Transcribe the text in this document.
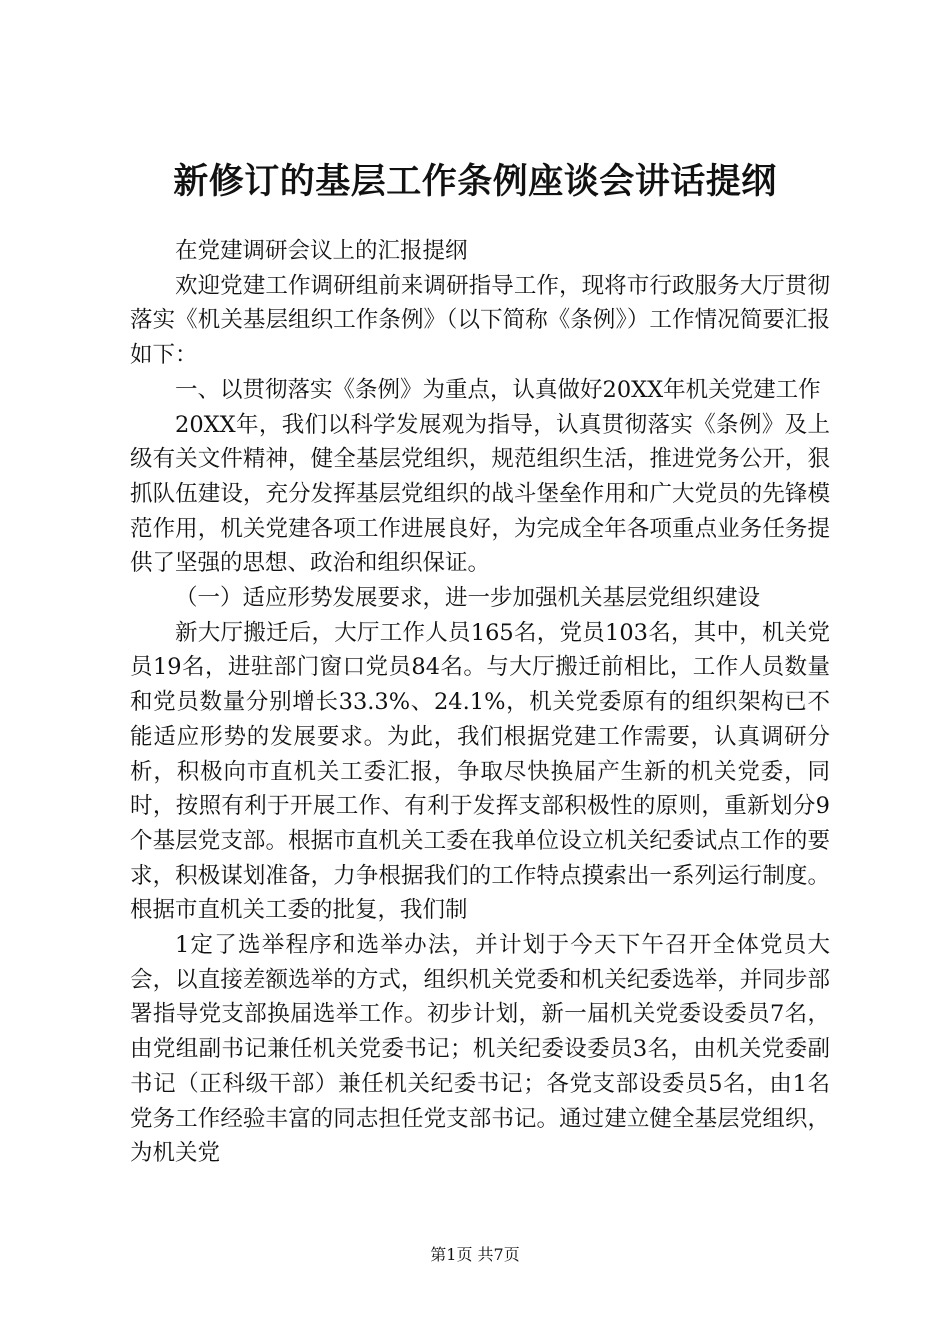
新修订的基层工作条例座谈会讲话提纲

在党建调研会议上的汇报提纲

欢迎党建工作调研组前来调研指导工作，现将市行政服务大厅贯彻落实《机关基层组织工作条例》（以下简称《条例》）工作情况简要汇报如下：

一、以贯彻落实《条例》为重点，认真做好20XX年机关党建工作

20XX年，我们以科学发展观为指导，认真贯彻落实《条例》及上级有关文件精神，健全基层党组织，规范组织生活，推进党务公开，狠抓队伍建设，充分发挥基层党组织的战斗堡垒作用和广大党员的先锋模范作用，机关党建各项工作进展良好，为完成全年各项重点业务任务提供了坚强的思想、政治和组织保证。

（一）适应形势发展要求，进一步加强机关基层党组织建设

新大厅搬迁后，大厅工作人员165名，党员103名，其中，机关党员19名，进驻部门窗口党员84名。与大厅搬迁前相比，工作人员数量和党员数量分别增长33.3%、24.1%，机关党委原有的组织架构已不能适应形势的发展要求。为此，我们根据党建工作需要，认真调研分析，积极向市直机关工委汇报，争取尽快换届产生新的机关党委，同时，按照有利于开展工作、有利于发挥支部积极性的原则，重新划分9个基层党支部。根据市直机关工委在我单位设立机关纪委试点工作的要求，积极谋划准备，力争根据我们的工作特点摸索出一系列运行制度。根据市直机关工委的批复，我们制

1定了选举程序和选举办法，并计划于今天下午召开全体党员大会，以直接差额选举的方式，组织机关党委和机关纪委选举，并同步部署指导党支部换届选举工作。初步计划，新一届机关党委设委员7名，由党组副书记兼任机关党委书记；机关纪委设委员3名，由机关党委副书记（正科级干部）兼任机关纪委书记；各党支部设委员5名，由1名党务工作经验丰富的同志担任党支部书记。通过建立健全基层党组织，为机关党

第1页 共7页
